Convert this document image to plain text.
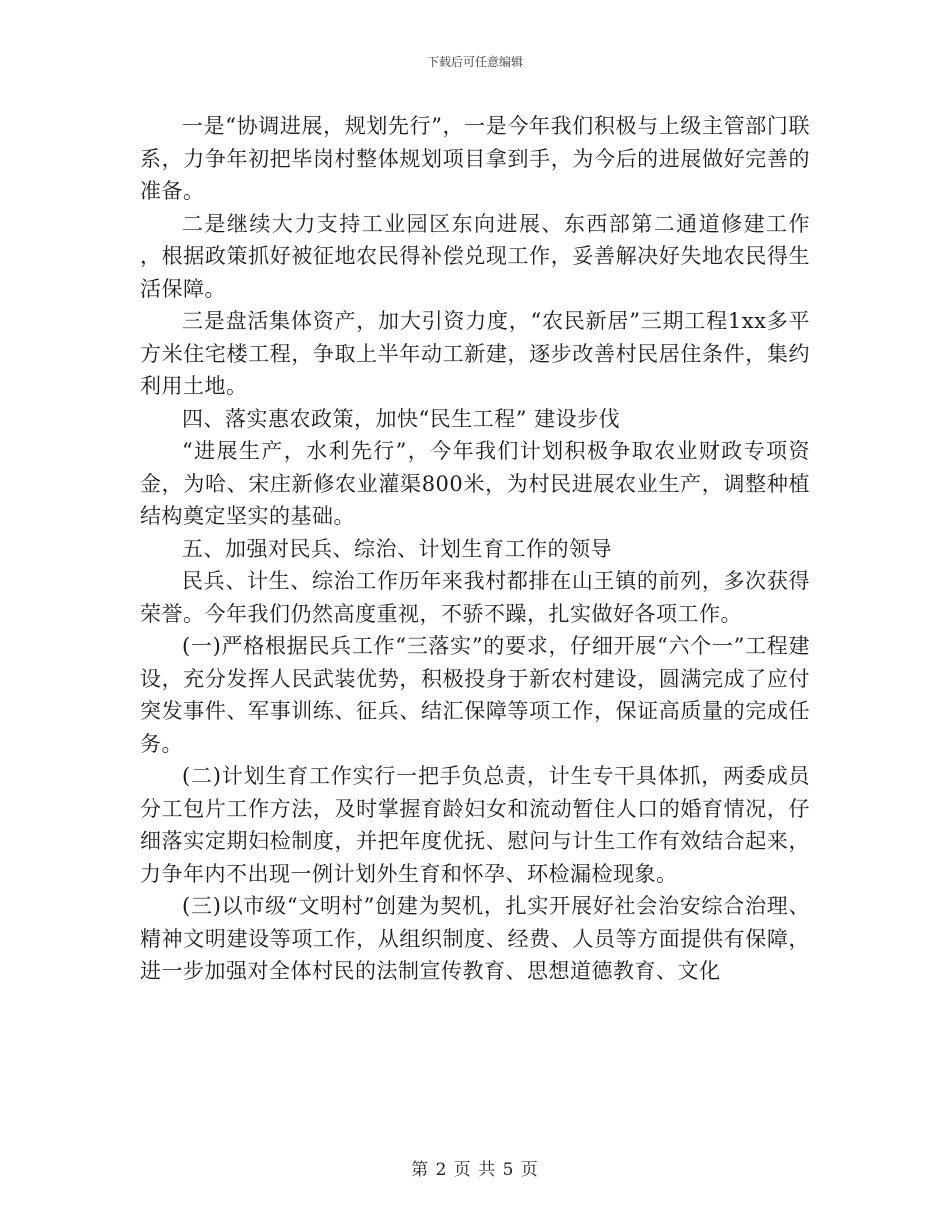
下载后可任意编辑

一是“协调进展，规划先行”，一是今年我们积极与上级主管部门联系，力争年初把毕岗村整体规划项目拿到手，为今后的进展做好完善的准备。

二是继续大力支持工业园区东向进展、东西部第二通道修建工作 ，根据政策抓好被征地农民得补偿兑现工作，妥善解决好失地农民得生活保障。

三是盘活集体资产，加大引资力度，“农民新居”三期工程1xx多平方米住宅楼工程，争取上半年动工新建，逐步改善村民居住条件，集约利用土地。

四、落实惠农政策，加快“民生工程” 建设步伐

“进展生产，水利先行”，今年我们计划积极争取农业财政专项资金，为哈、宋庄新修农业灌渠800米，为村民进展农业生产，调整种植结构奠定坚实的基础。

五、加强对民兵、综治、计划生育工作的领导

民兵、计生、综治工作历年来我村都排在山王镇的前列，多次获得荣誉。今年我们仍然高度重视，不骄不躁，扎实做好各项工作。

(一)严格根据民兵工作“三落实”的要求，仔细开展“六个一”工程建设，充分发挥人民武装优势，积极投身于新农村建设，圆满完成了应付突发事件、军事训练、征兵、结汇保障等项工作，保证高质量的完成任务。

(二)计划生育工作实行一把手负总责，计生专干具体抓，两委成员分工包片工作方法，及时掌握育龄妇女和流动暂住人口的婚育情况，仔细落实定期妇检制度，并把年度优抚、慰问与计生工作有效结合起来，力争年内不出现一例计划外生育和怀孕、环检漏检现象。

(三)以市级“文明村”创建为契机，扎实开展好社会治安综合治理、精神文明建设等项工作，从组织制度、经费、人员等方面提供有保障，进一步加强对全体村民的法制宣传教育、思想道德教育、文化

第 2 页 共 5 页
